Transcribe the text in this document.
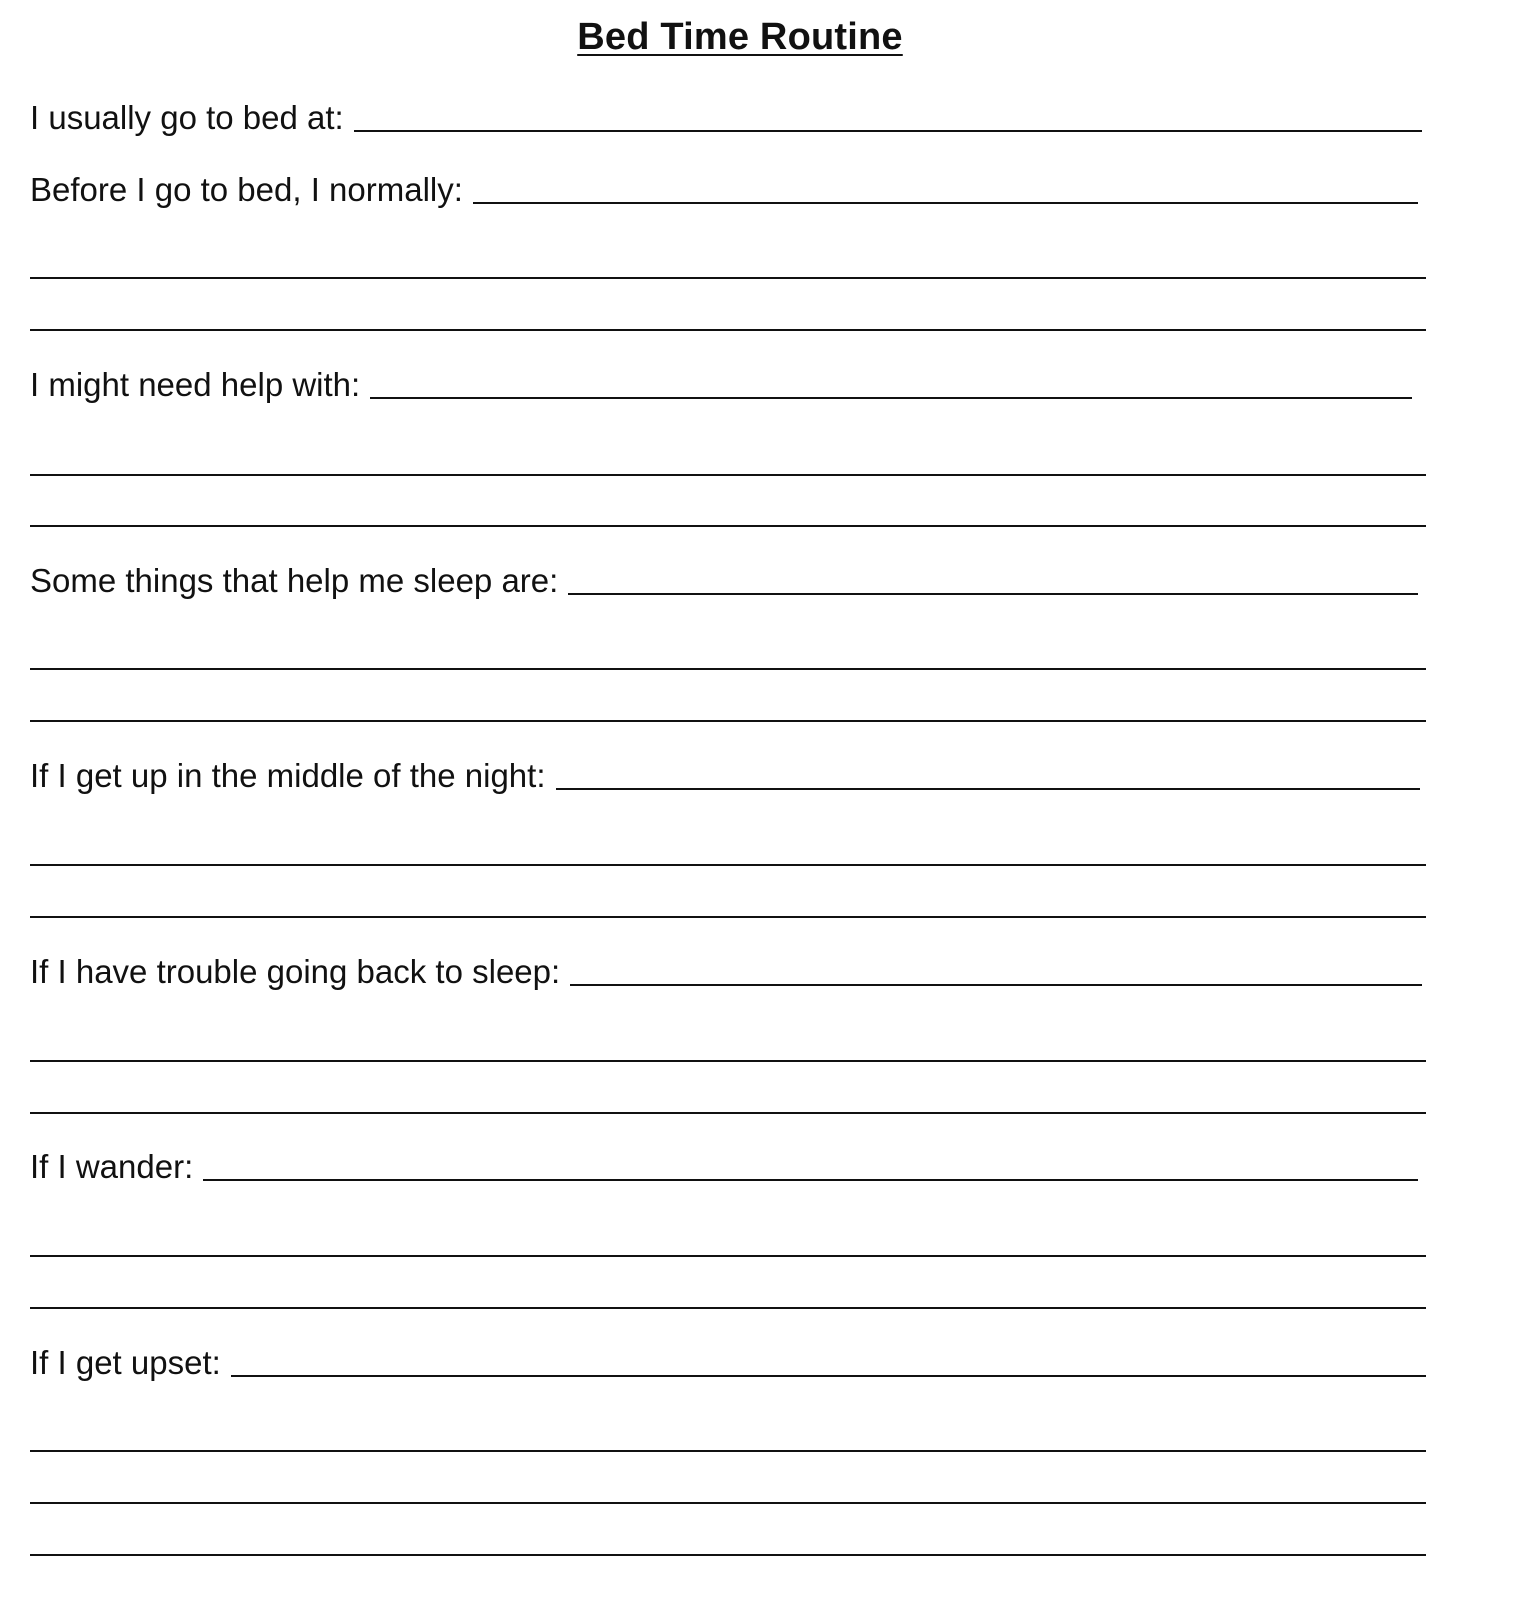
Bed Time Routine
I usually go to bed at:
Before I go to bed, I normally:
I might need help with:
Some things that help me sleep are:
If I get up in the middle of the night:
If I have trouble going back to sleep:
If I wander:
If I get upset:
